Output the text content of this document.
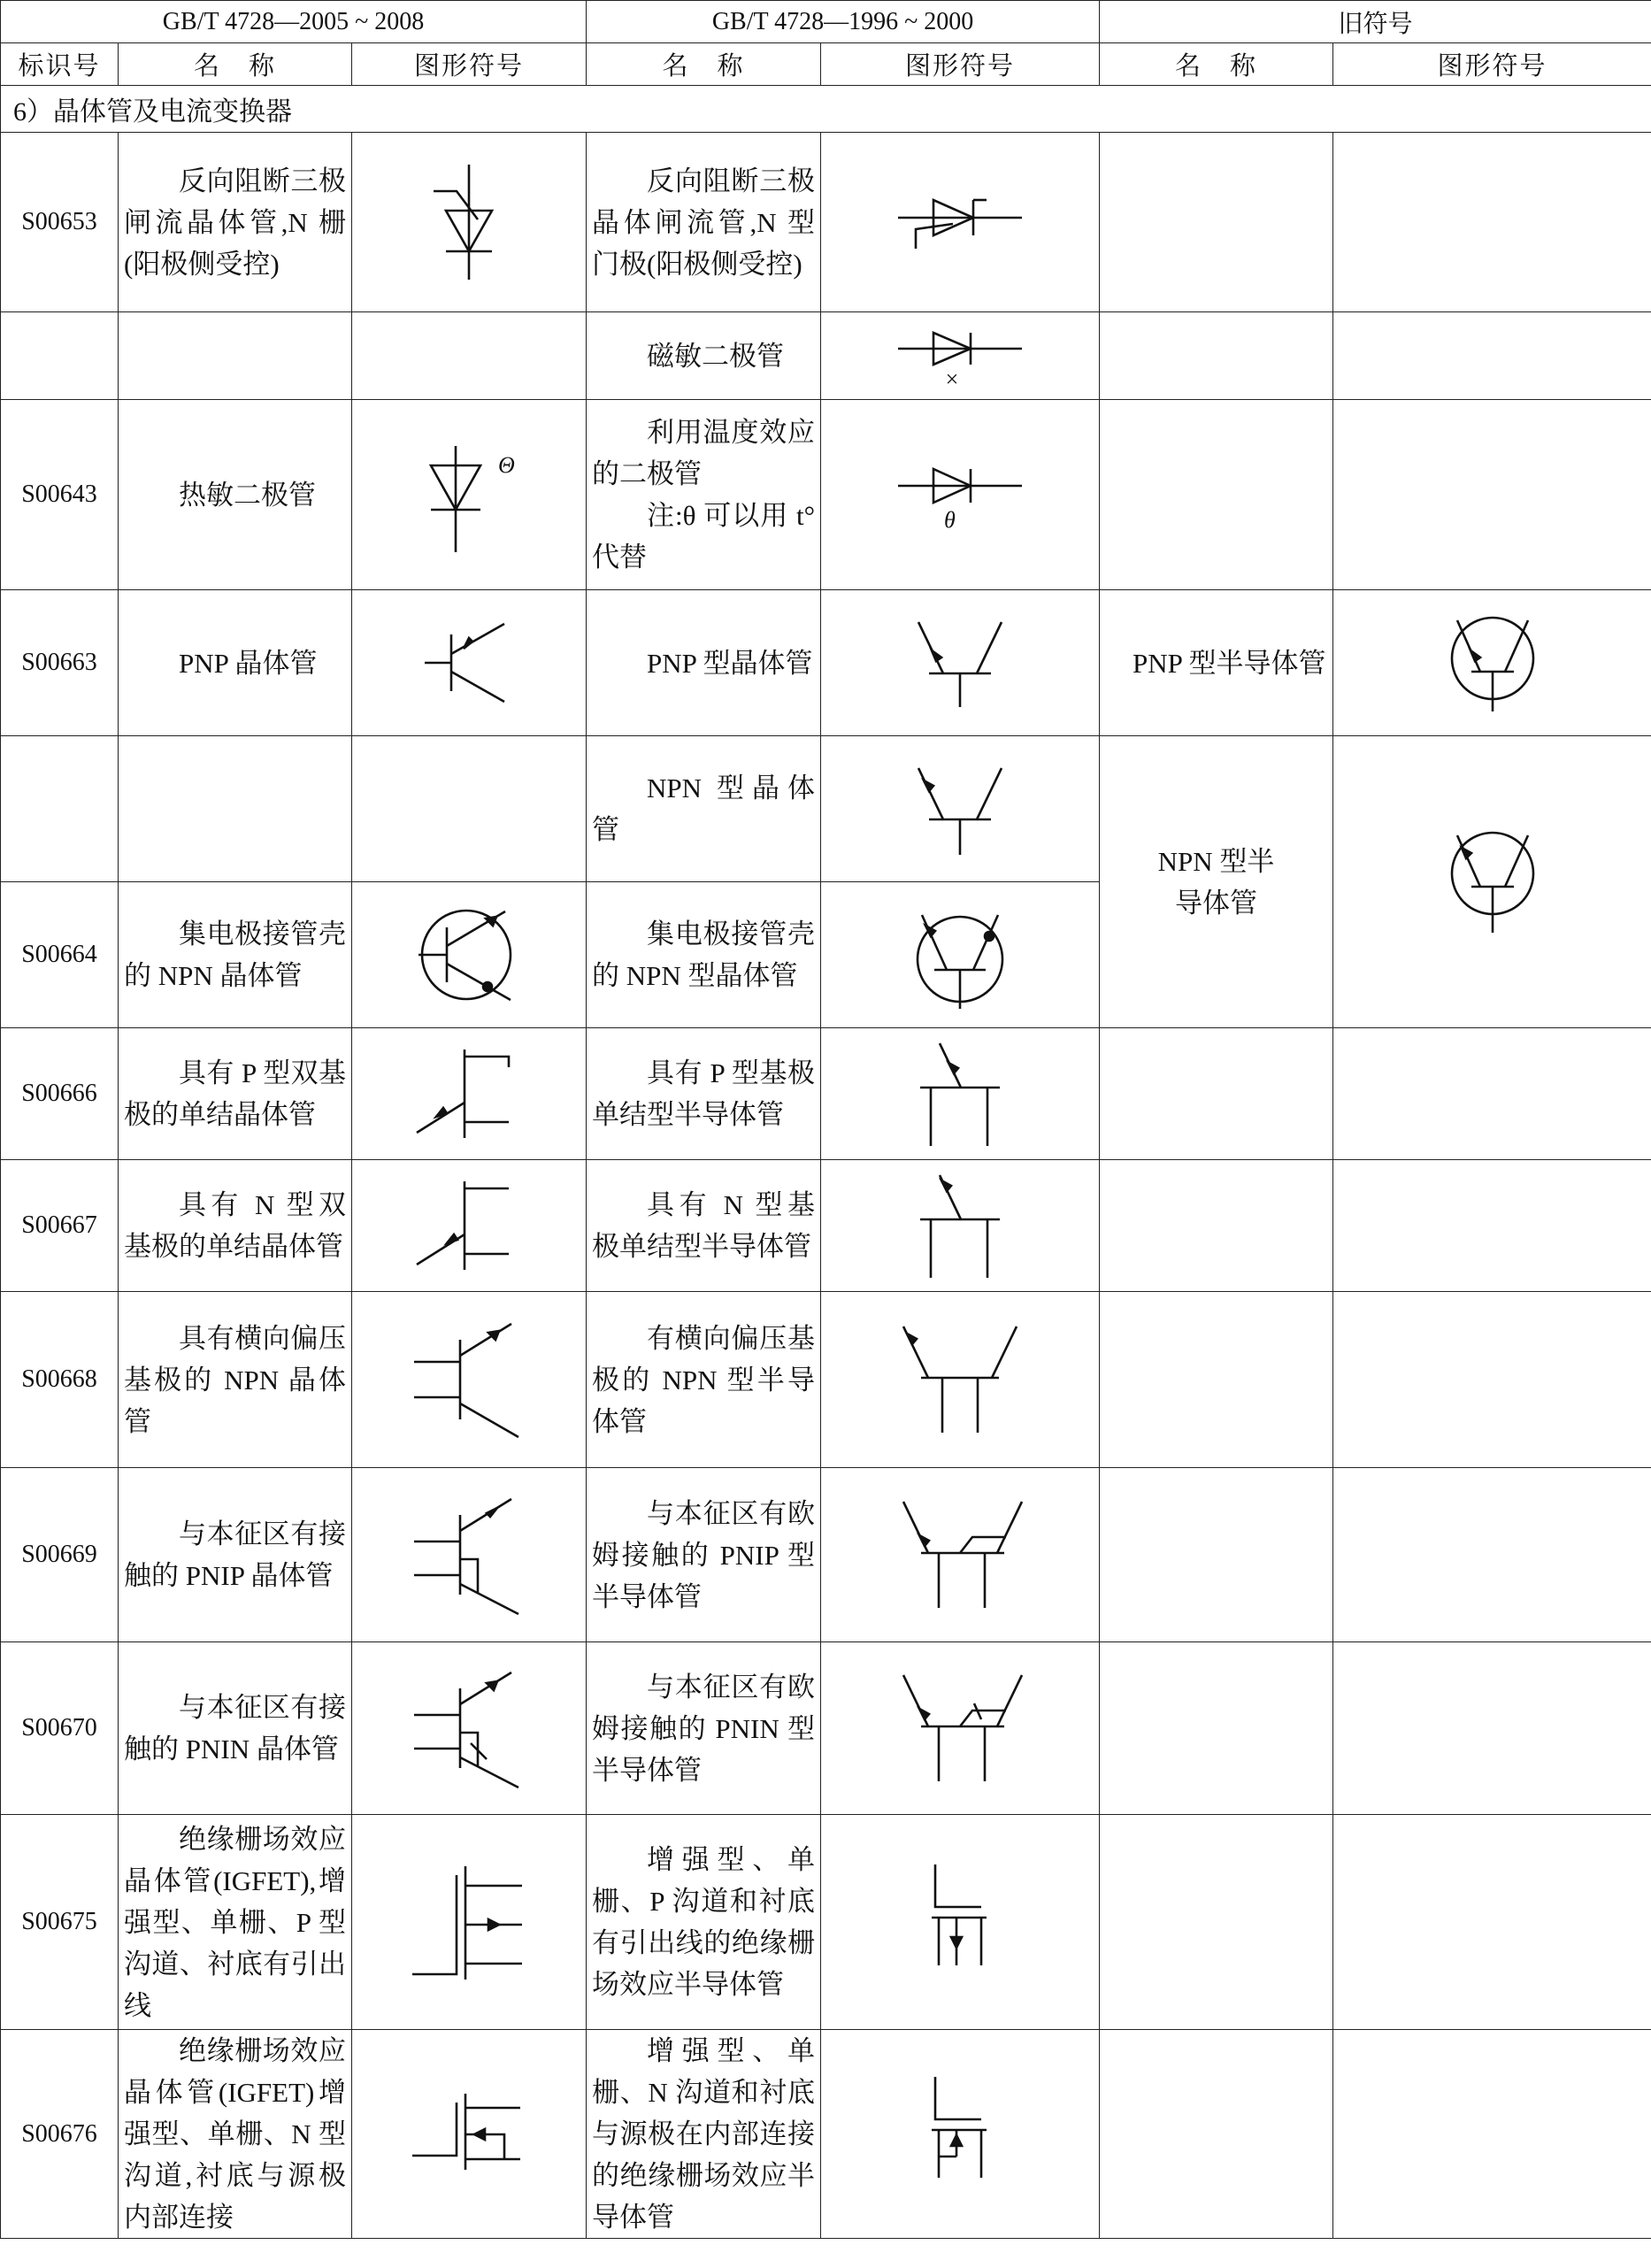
GB/T 4728—2005 ~ 2008			GB/T 4728—1996 ~ 2000		旧符号	
标识号	名　称	图形符号	名　称	图形符号	名　称	图形符号
6）晶体管及电流变换器						
S00653	反向阻断三极闸流晶体管,N 栅(阳极侧受控)		反向阻断三极晶体闸流管,N 型门极(阳极侧受控)

			磁敏二极管	×		

S00643	热敏二极管	Θ	利用温度效应的二极管
注:θ 可以用 t° 代替	θ		

S00663	PNP 晶体管		PNP 型晶体管		PNP 型半导体管

			NPN 型晶体管		NPN 型半导体管

S00664	集电极接管壳的 NPN 晶体管		集电极接管壳的 NPN 型晶体管

S00666	具有 P 型双基极的单结晶体管		具有 P 型基极单结型半导体管

S00667	具有 N 型双基极的单结晶体管		具有 N 型基极单结型半导体管

S00668	具有横向偏压基极的 NPN 晶体管		有横向偏压基极的 NPN 型半导体管

S00669	与本征区有接触的 PNIP 晶体管		与本征区有欧姆接触的 PNIP 型半导体管

S00670	与本征区有接触的 PNIN 晶体管		与本征区有欧姆接触的 PNIN 型半导体管

S00675	绝缘栅场效应晶体管(IGFET),增强型、单栅、P 型沟道、衬底有引出线		增强型、单栅、P 沟道和衬底有引出线的绝缘栅场效应半导体管

S00676	绝缘栅场效应晶体管(IGFET)增强型、单栅、N 型沟道,衬底与源极内部连接		增强型、单栅、N 沟道和衬底与源极在内部连接的绝缘栅场效应半导体管
